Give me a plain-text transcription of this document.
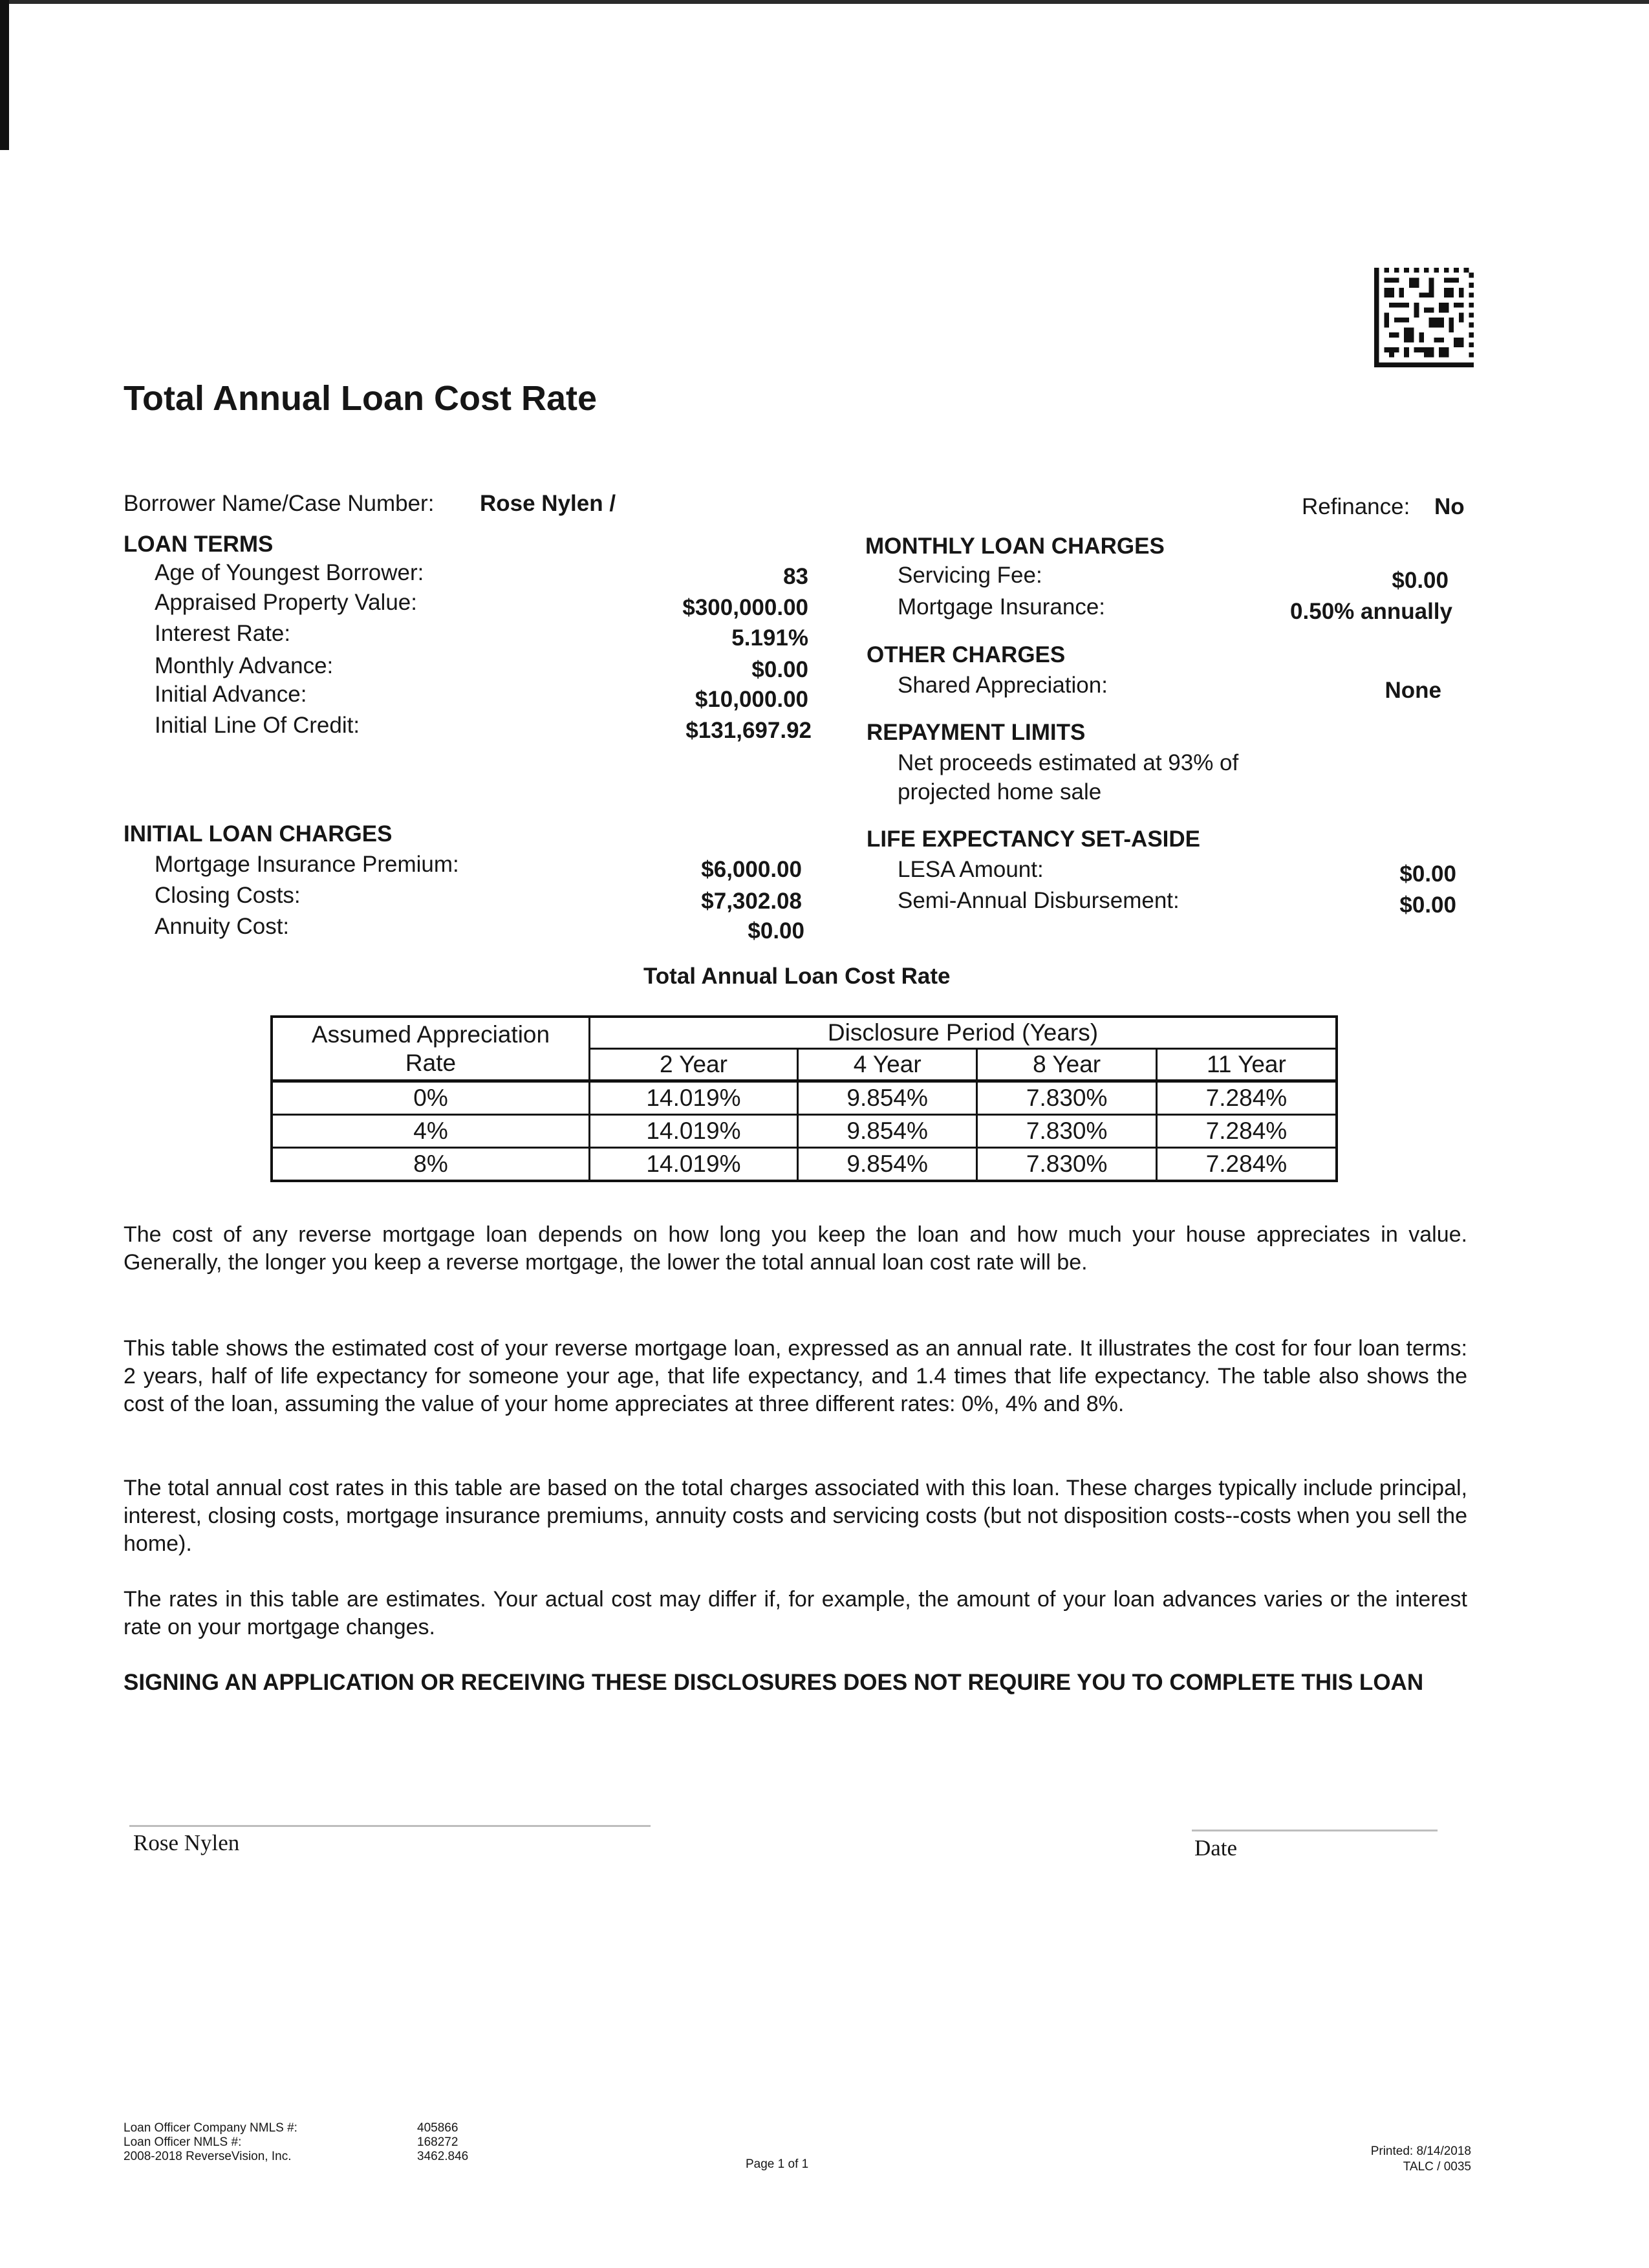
Total Annual Loan Cost Rate
Borrower Name/Case Number: Rose Nylen /	Refinance: No
LOAN TERMS
Age of Youngest Borrower:	83
Appraised Property Value:	$300,000.00
Interest Rate:	5.191%
Monthly Advance:	$0.00
Initial Advance:	$10,000.00
Initial Line Of Credit:	$131,697.92
MONTHLY LOAN CHARGES
Servicing Fee:	$0.00
Mortgage Insurance:	0.50% annually
OTHER CHARGES
Shared Appreciation:	None
REPAYMENT LIMITS
Net proceeds estimated at 93% of
projected home sale
INITIAL LOAN CHARGES
Mortgage Insurance Premium:	$6,000.00
Closing Costs:	$7,302.08
Annuity Cost:	$0.00
LIFE EXPECTANCY SET-ASIDE
LESA Amount:	$0.00
Semi-Annual Disbursement:	$0.00
Total Annual Loan Cost Rate
Assumed Appreciation
Rate	Disclosure Period (Years)			
	2 Year	4 Year	8 Year	11 Year
0%	14.019%	9.854%	7.830%	7.284%
4%	14.019%	9.854%	7.830%	7.284%
8%	14.019%	9.854%	7.830%	7.284%
The cost of any reverse mortgage loan depends on how long you keep the loan and how much your house appreciates in value. Generally, the longer you keep a reverse mortgage, the lower the total annual loan cost rate will be.
This table shows the estimated cost of your reverse mortgage loan, expressed as an annual rate. It illustrates the cost for four loan terms: 2 years, half of life expectancy for someone your age, that life expectancy, and 1.4 times that life expectancy. The table also shows the cost of the loan, assuming the value of your home appreciates at three different rates: 0%, 4% and 8%.
The total annual cost rates in this table are based on the total charges associated with this loan. These charges typically include principal, interest, closing costs, mortgage insurance premiums, annuity costs and servicing costs (but not disposition costs--costs when you sell the home).
The rates in this table are estimates. Your actual cost may differ if, for example, the amount of your loan advances varies or the interest rate on your mortgage changes.
SIGNING AN APPLICATION OR RECEIVING THESE DISCLOSURES DOES NOT REQUIRE YOU TO COMPLETE THIS LOAN
Rose Nylen	Date
Loan Officer Company NMLS #:	405866
Loan Officer NMLS #:	168272
2008-2018 ReverseVision, Inc.	3462.846
Page 1 of 1
Printed: 8/14/2018
TALC / 0035
